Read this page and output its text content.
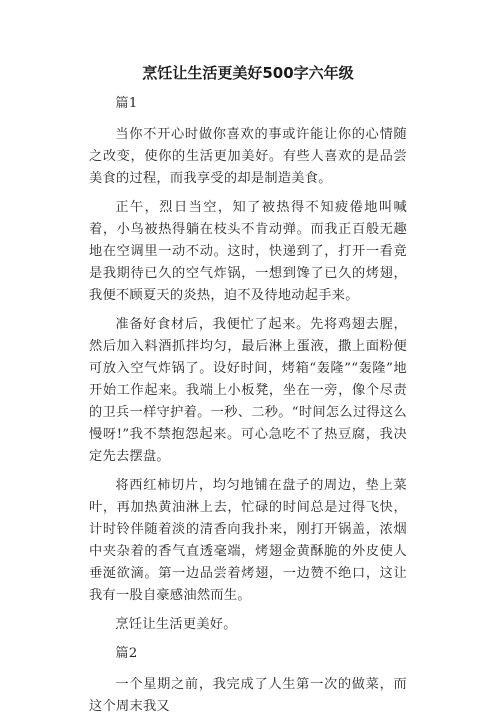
烹饪让生活更美好500字六年级

篇1

当你不开心时做你喜欢的事或许能让你的心情随之改变，使你的生活更加美好。有些人喜欢的是品尝美食的过程，而我享受的却是制造美食。

正午，烈日当空，知了被热得不知疲倦地叫喊着，小鸟被热得躺在枝头不肯动弹。而我正百般无趣地在空调里一动不动。这时，快递到了，打开一看竟是我期待已久的空气炸锅，一想到馋了已久的烤翅，我便不顾夏天的炎热，迫不及待地动起手来。

准备好食材后，我便忙了起来。先将鸡翅去腥，然后加入料酒抓拌均匀，最后淋上蛋液，撒上面粉便可放入空气炸锅了。设好时间，烤箱“轰隆”“轰隆”地开始工作起来。我端上小板凳，坐在一旁，像个尽责的卫兵一样守护着。一秒、二秒。“时间怎么过得这么慢呀!”我不禁抱怨起来。可心急吃不了热豆腐，我决定先去摆盘。

将西红柿切片，均匀地铺在盘子的周边，垫上菜叶，再加热黄油淋上去，忙碌的时间总是过得飞快，计时铃伴随着淡的清香向我扑来，刚打开锅盖，浓烟中夹杂着的香气直透毫端，烤翅金黄酥脆的外皮使人垂涎欲滴。第一边品尝着烤翅，一边赞不绝口，这让我有一股自豪感油然而生。

烹饪让生活更美好。

篇2

一个星期之前，我完成了人生第一次的做菜，而这个周末我又
